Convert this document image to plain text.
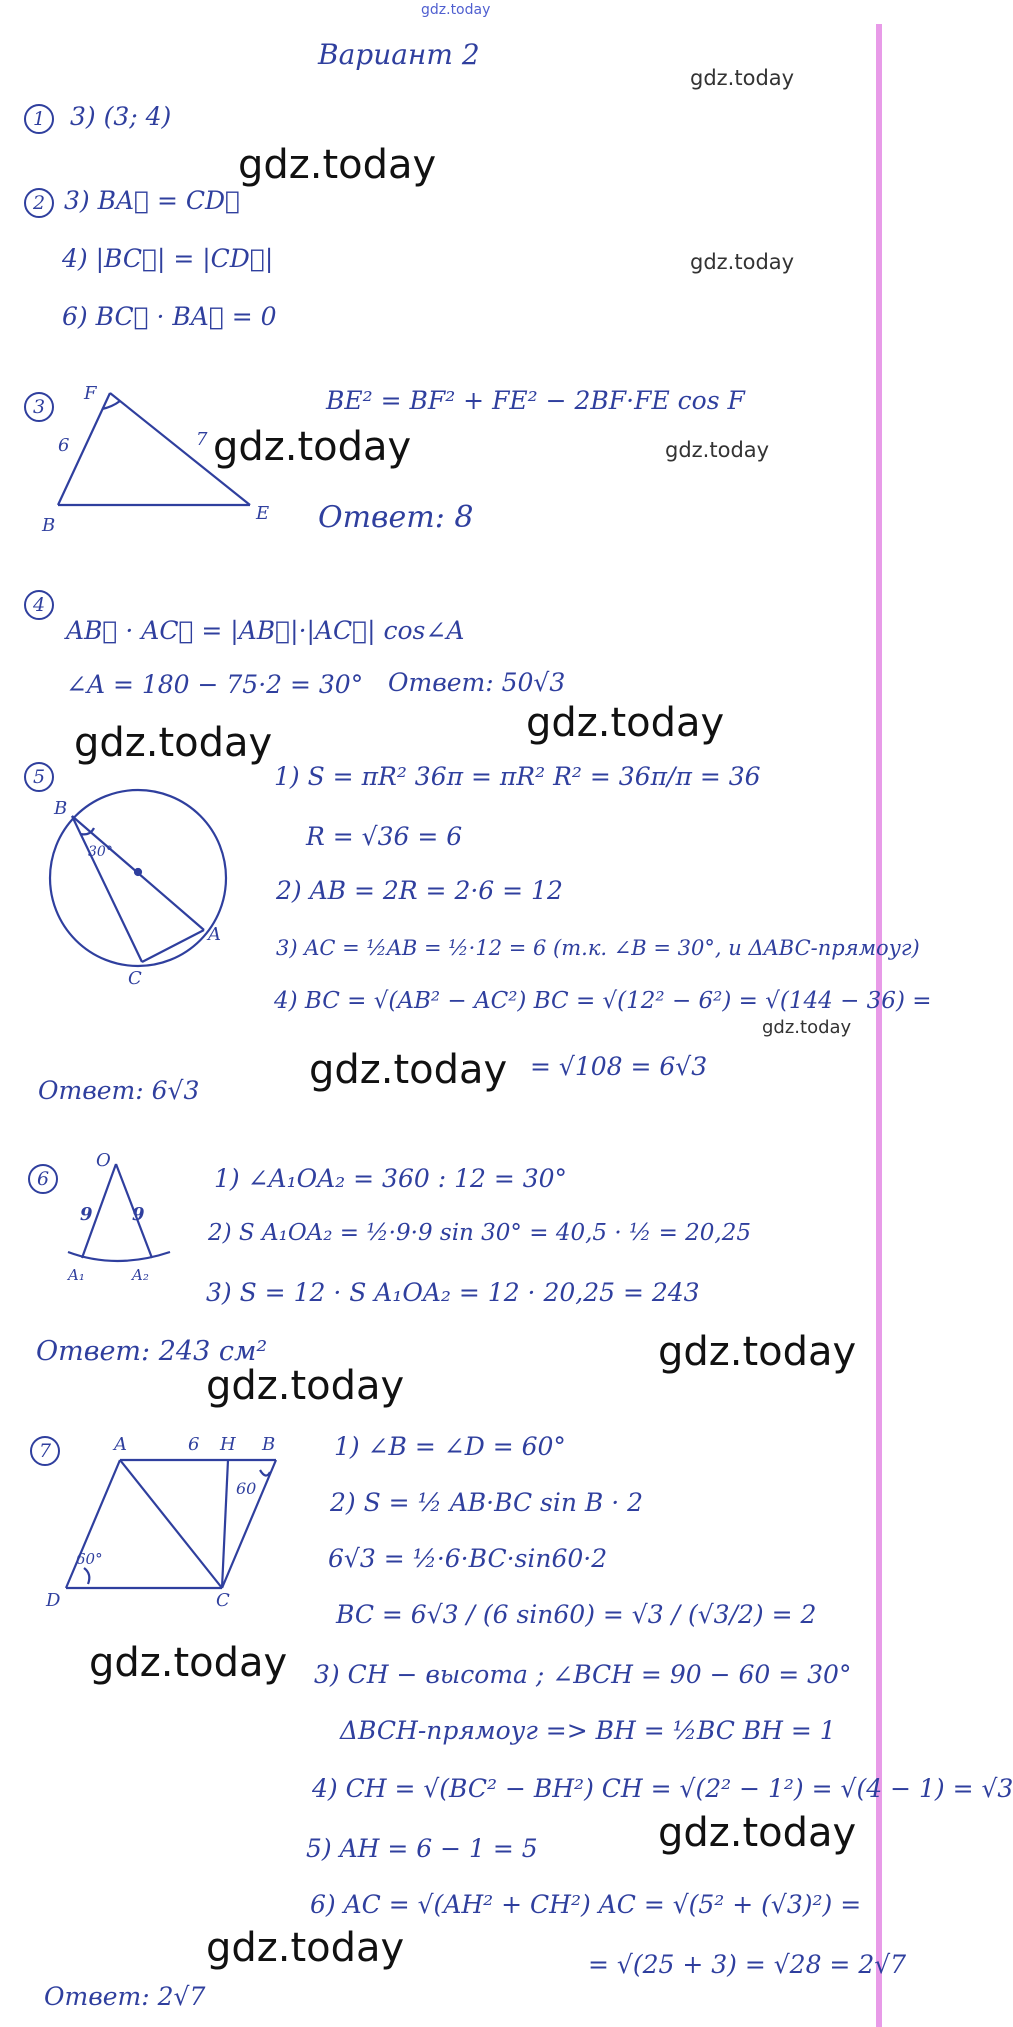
gdz.today
gdz.today
gdz.today
gdz.today
gdz.today	gdz.today
gdz.today
gdz.today
gdz.today
gdz.today
gdz.today
gdz.today
gdz.today
gdz.today
gdz.today
Вариант 2
1 3) (3; 4)
2 3) BA⃗ = CD⃗
4) |BC⃗| = |CD⃗|
6) BC⃗ · BA⃗ = 0
3
F
6	7
B
E
BE² = BF² + FE² − 2BF·FE cos F
Ответ: 8
4
AB⃗ · AC⃗ = |AB⃗|·|AC⃗| cos∠A
∠A = 180 − 75·2 = 30° Ответ: 50√3
5
B
30°
C
A
1) S = πR² 36π = πR² R² = 36π/π = 36
R = √36 = 6
2) AB = 2R = 2·6 = 12
3) AC = ½AB = ½·12 = 6 (т.к. ∠B = 30°, и ΔABC-прямоуг)
4) BC = √(AB² − AC²) BC = √(12² − 6²) = √(144 − 36) =
= √108 = 6√3
Ответ: 6√3
6
O
9 9
A₁	A₂
1) ∠A₁OA₂ = 360 : 12 = 30°
2) S A₁OA₂ = ½·9·9 sin 30° = 40,5 · ½ = 20,25
3) S = 12 · S A₁OA₂ = 12 · 20,25 = 243
Ответ: 243 см²
7	A	6 H B
60
60°
D	C
1) ∠B = ∠D = 60°
2) S = ½ AB·BC sin B · 2
6√3 = ½·6·BC·sin60·2
BC = 6√3 / (6 sin60) = √3 / (√3/2) = 2
3) CH − высота ; ∠BCH = 90 − 60 = 30°
ΔBCH-прямоуг => BH = ½BC BH = 1
4) CH = √(BC² − BH²) CH = √(2² − 1²) = √(4 − 1) = √3
5) AH = 6 − 1 = 5
6) AC = √(AH² + CH²) AC = √(5² + (√3)²) =
= √(25 + 3) = √28 = 2√7
Ответ: 2√7
